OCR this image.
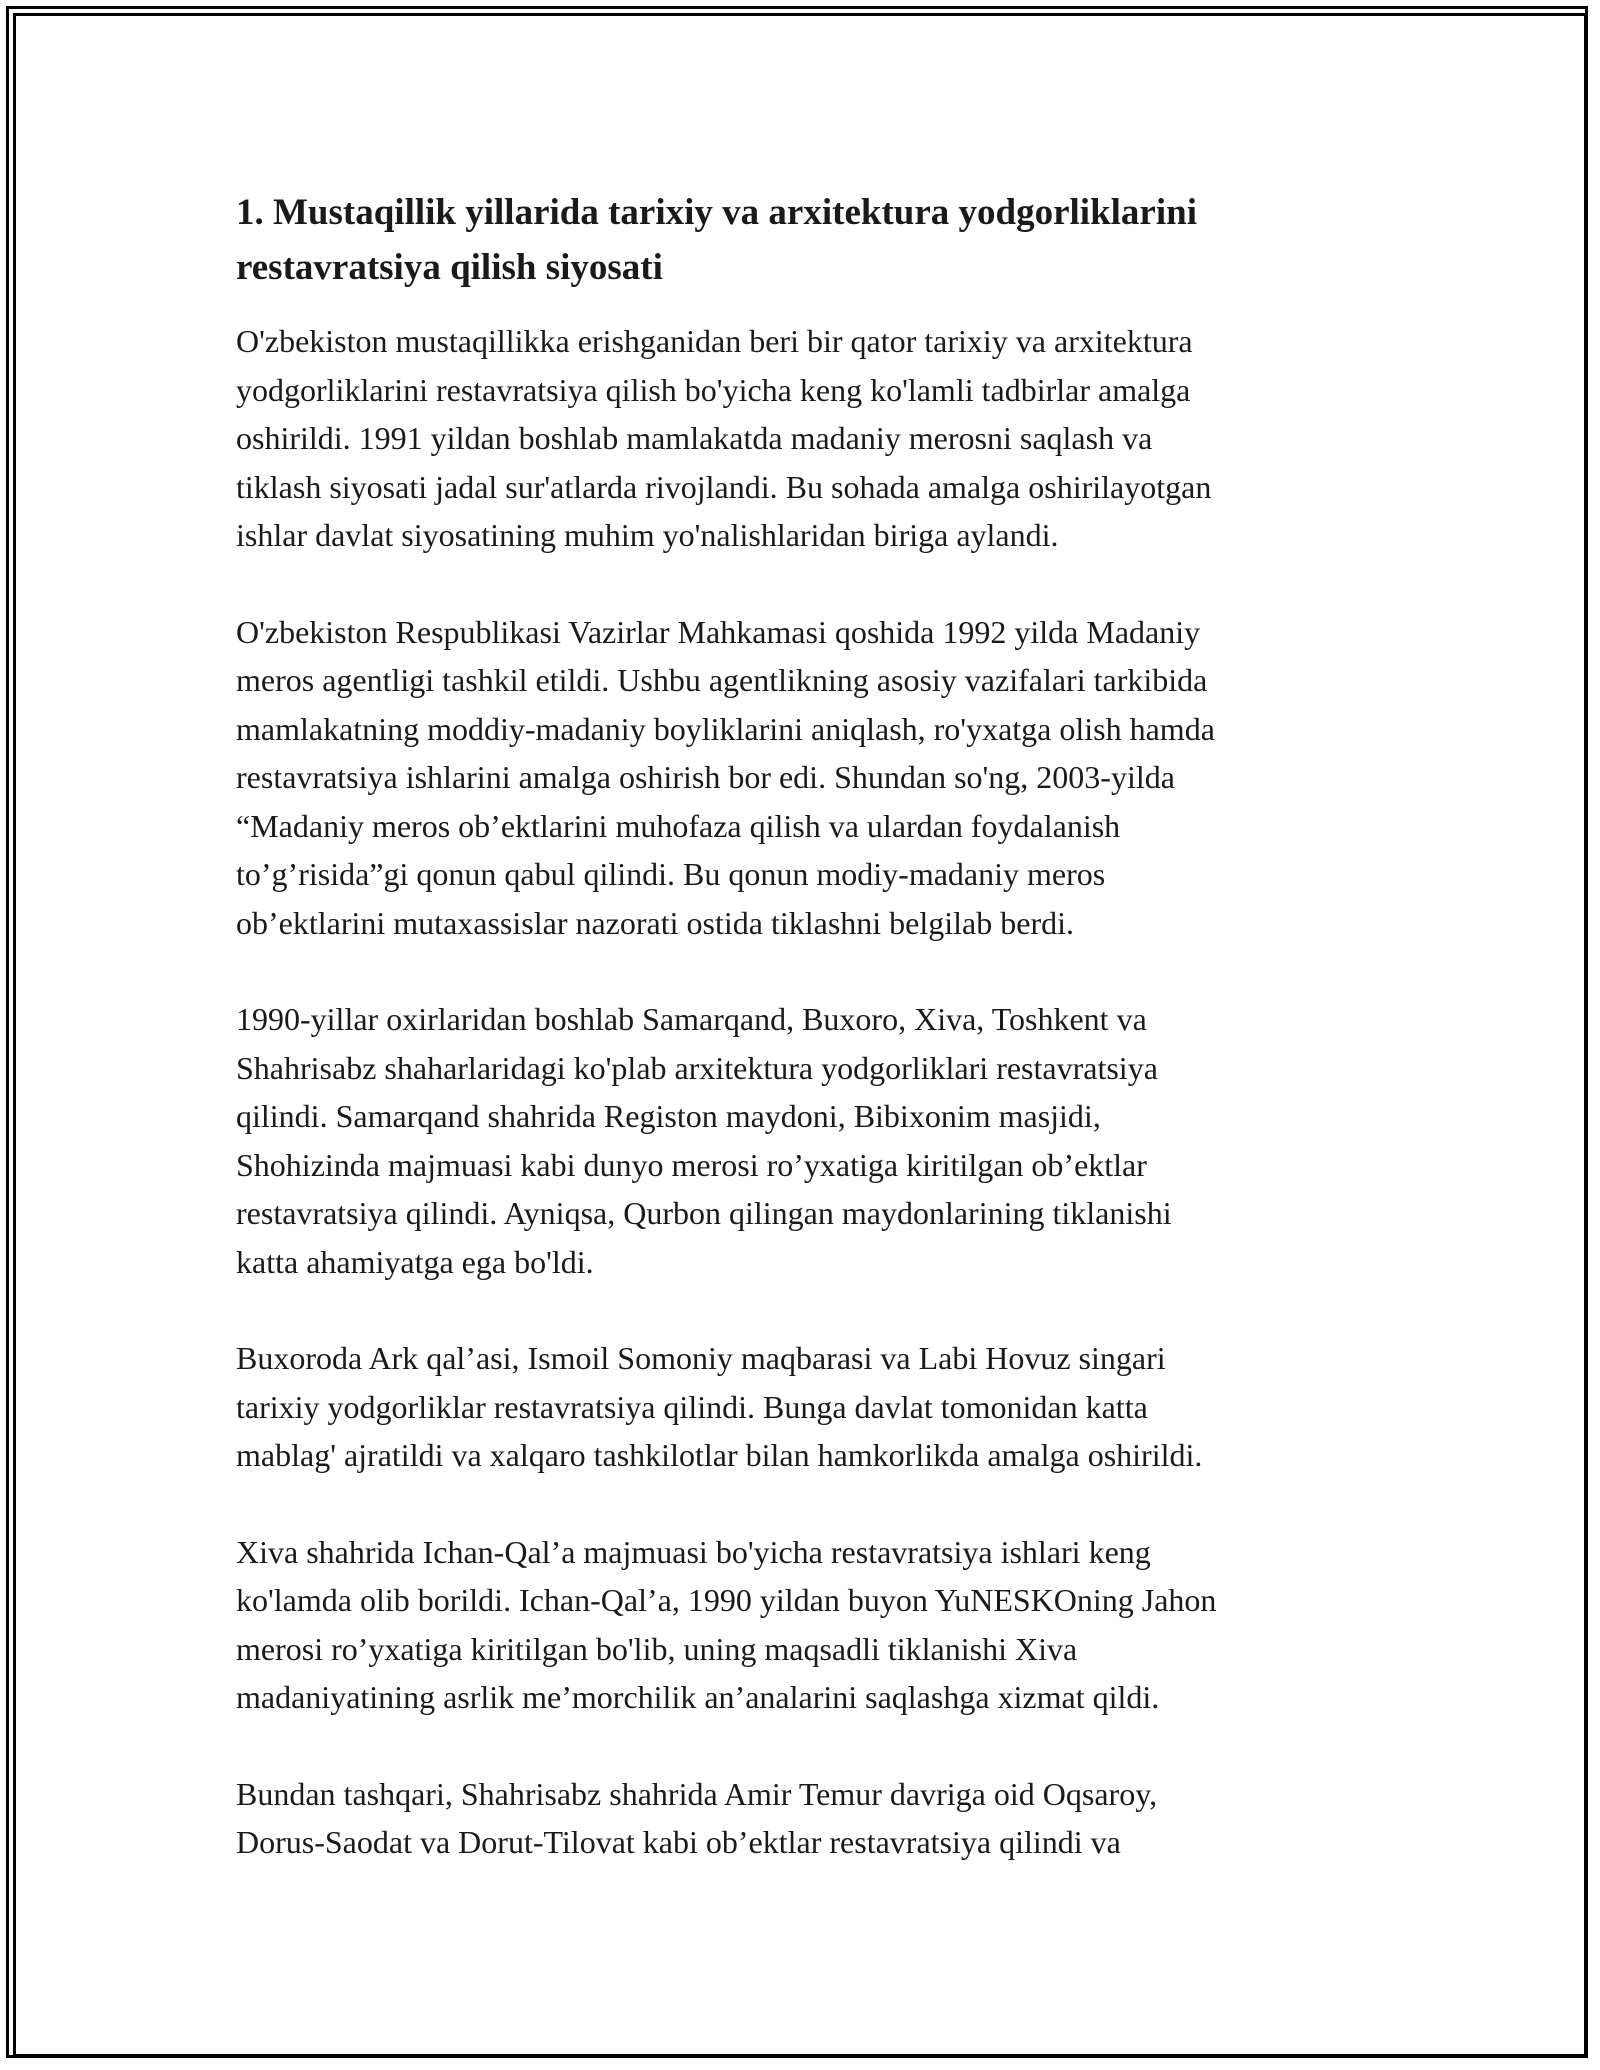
1. Mustaqillik yillarida tarixiy va arxitektura yodgorliklarini
restavratsiya qilish siyosati

O'zbekiston mustaqillikka erishganidan beri bir qator tarixiy va arxitektura
yodgorliklarini restavratsiya qilish bo'yicha keng ko'lamli tadbirlar amalga
oshirildi. 1991 yildan boshlab mamlakatda madaniy merosni saqlash va
tiklash siyosati jadal sur'atlarda rivojlandi. Bu sohada amalga oshirilayotgan
ishlar davlat siyosatining muhim yo'nalishlaridan biriga aylandi.

O'zbekiston Respublikasi Vazirlar Mahkamasi qoshida 1992 yilda Madaniy
meros agentligi tashkil etildi. Ushbu agentlikning asosiy vazifalari tarkibida
mamlakatning moddiy-madaniy boyliklarini aniqlash, ro'yxatga olish hamda
restavratsiya ishlarini amalga oshirish bor edi. Shundan so'ng, 2003-yilda
“Madaniy meros ob’ektlarini muhofaza qilish va ulardan foydalanish
to’g’risida”gi qonun qabul qilindi. Bu qonun modiy-madaniy meros
ob’ektlarini mutaxassislar nazorati ostida tiklashni belgilab berdi.

1990-yillar oxirlaridan boshlab Samarqand, Buxoro, Xiva, Toshkent va
Shahrisabz shaharlaridagi ko'plab arxitektura yodgorliklari restavratsiya
qilindi. Samarqand shahrida Registon maydoni, Bibixonim masjidi,
Shohizinda majmuasi kabi dunyo merosi ro’yxatiga kiritilgan ob’ektlar
restavratsiya qilindi. Ayniqsa, Qurbon qilingan maydonlarining tiklanishi
katta ahamiyatga ega bo'ldi.

Buxoroda Ark qal’asi, Ismoil Somoniy maqbarasi va Labi Hovuz singari
tarixiy yodgorliklar restavratsiya qilindi. Bunga davlat tomonidan katta
mablag' ajratildi va xalqaro tashkilotlar bilan hamkorlikda amalga oshirildi.

Xiva shahrida Ichan-Qal’a majmuasi bo'yicha restavratsiya ishlari keng
ko'lamda olib borildi. Ichan-Qal’a, 1990 yildan buyon YuNESKOning Jahon
merosi ro’yxatiga kiritilgan bo'lib, uning maqsadli tiklanishi Xiva
madaniyatining asrlik me’morchilik an’analarini saqlashga xizmat qildi.

Bundan tashqari, Shahrisabz shahrida Amir Temur davriga oid Oqsaroy,
Dorus-Saodat va Dorut-Tilovat kabi ob’ektlar restavratsiya qilindi va
